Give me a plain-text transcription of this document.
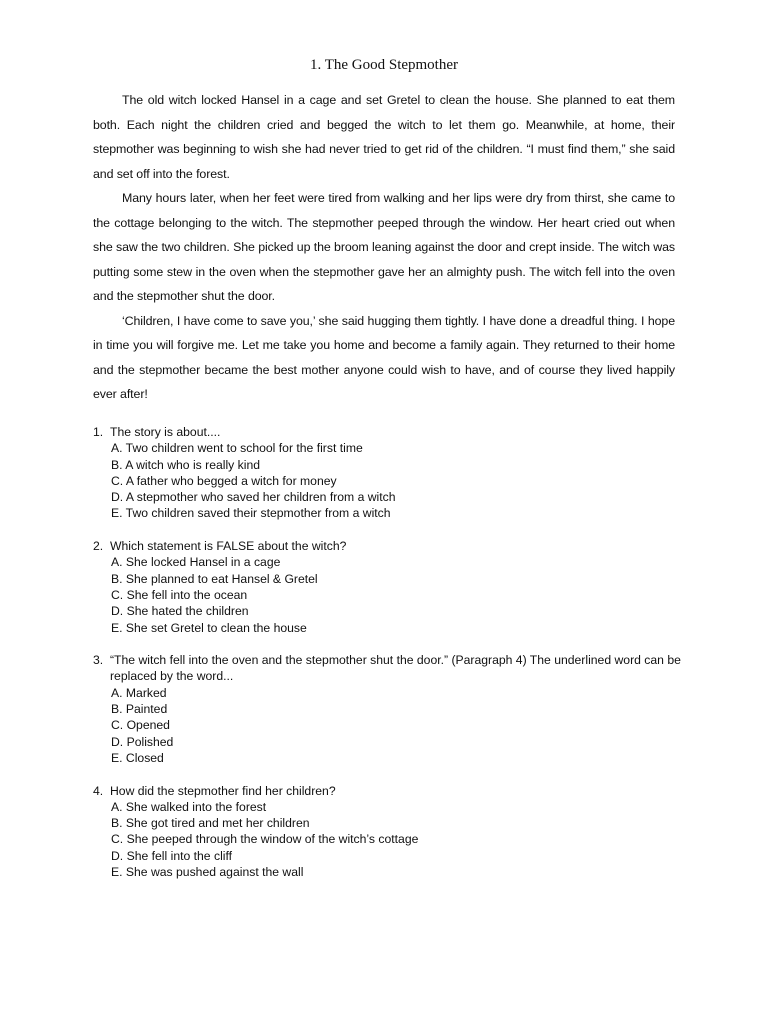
1. The Good Stepmother

The old witch locked Hansel in a cage and set Gretel to clean the house. She planned to eat them both. Each night the children cried and begged the witch to let them go. Meanwhile, at home, their stepmother was beginning to wish she had never tried to get rid of the children. “I must find them,” she said and set off into the forest.

Many hours later, when her feet were tired from walking and her lips were dry from thirst, she came to the cottage belonging to the witch. The stepmother peeped through the window. Her heart cried out when she saw the two children. She picked up the broom leaning against the door and crept inside. The witch was putting some stew in the oven when the stepmother gave her an almighty push. The witch fell into the oven and the stepmother shut the door.

‘Children, I have come to save you,’ she said hugging them tightly. I have done a dreadful thing. I hope in time you will forgive me. Let me take you home and become a family again. They returned to their home and the stepmother became the best mother anyone could wish to have, and of course they lived happily ever after!

1. The story is about....
A. Two children went to school for the first time
B. A witch who is really kind
C. A father who begged a witch for money
D. A stepmother who saved her children from a witch
E. Two children saved their stepmother from a witch
2. Which statement is FALSE about the witch?
A. She locked Hansel in a cage
B. She planned to eat Hansel & Gretel
C. She fell into the ocean
D. She hated the children
E. She set Gretel to clean the house
3. “The witch fell into the oven and the stepmother shut the door.” (Paragraph 4) The underlined word can be replaced by the word...
A. Marked
B. Painted
C. Opened
D. Polished
E. Closed
4. How did the stepmother find her children?
A. She walked into the forest
B. She got tired and met her children
C. She peeped through the window of the witch’s cottage
D. She fell into the cliff
E. She was pushed against the wall
